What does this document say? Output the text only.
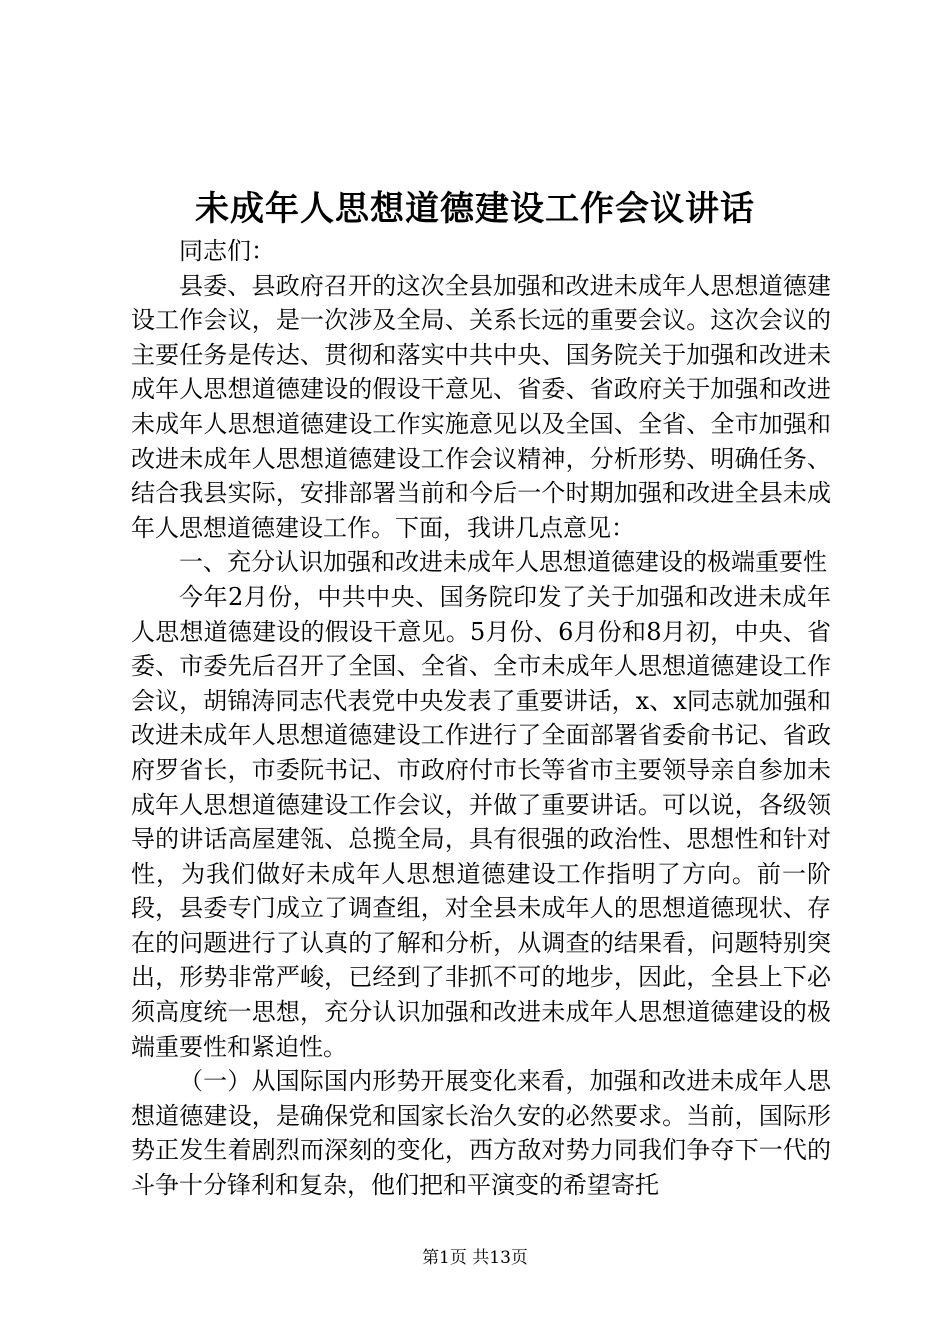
未成年人思想道德建设工作会议讲话

同志们：

县委、县政府召开的这次全县加强和改进未成年人思想道德建设工作会议，是一次涉及全局、关系长远的重要会议。这次会议的主要任务是传达、贯彻和落实中共中央、国务院关于加强和改进未成年人思想道德建设的假设干意见、省委、省政府关于加强和改进未成年人思想道德建设工作实施意见以及全国、全省、全市加强和改进未成年人思想道德建设工作会议精神，分析形势、明确任务、结合我县实际，安排部署当前和今后一个时期加强和改进全县未成年人思想道德建设工作。下面，我讲几点意见：

一、充分认识加强和改进未成年人思想道德建设的极端重要性

今年2月份，中共中央、国务院印发了关于加强和改进未成年人思想道德建设的假设干意见。5月份、6月份和8月初，中央、省委、市委先后召开了全国、全省、全市未成年人思想道德建设工作会议，胡锦涛同志代表党中央发表了重要讲话，x、x同志就加强和改进未成年人思想道德建设工作进行了全面部署省委俞书记、省政府罗省长，市委阮书记、市政府付市长等省市主要领导亲自参加未成年人思想道德建设工作会议，并做了重要讲话。可以说，各级领导的讲话高屋建瓴、总揽全局，具有很强的政治性、思想性和针对性，为我们做好未成年人思想道德建设工作指明了方向。前一阶段，县委专门成立了调查组，对全县未成年人的思想道德现状、存在的问题进行了认真的了解和分析，从调查的结果看，问题特别突出，形势非常严峻，已经到了非抓不可的地步，因此，全县上下必须高度统一思想，充分认识加强和改进未成年人思想道德建设的极端重要性和紧迫性。

（一）从国际国内形势开展变化来看，加强和改进未成年人思想道德建设，是确保党和国家长治久安的必然要求。当前，国际形势正发生着剧烈而深刻的变化，西方敌对势力同我们争夺下一代的斗争十分锋利和复杂，他们把和平演变的希望寄托

第1页 共13页
